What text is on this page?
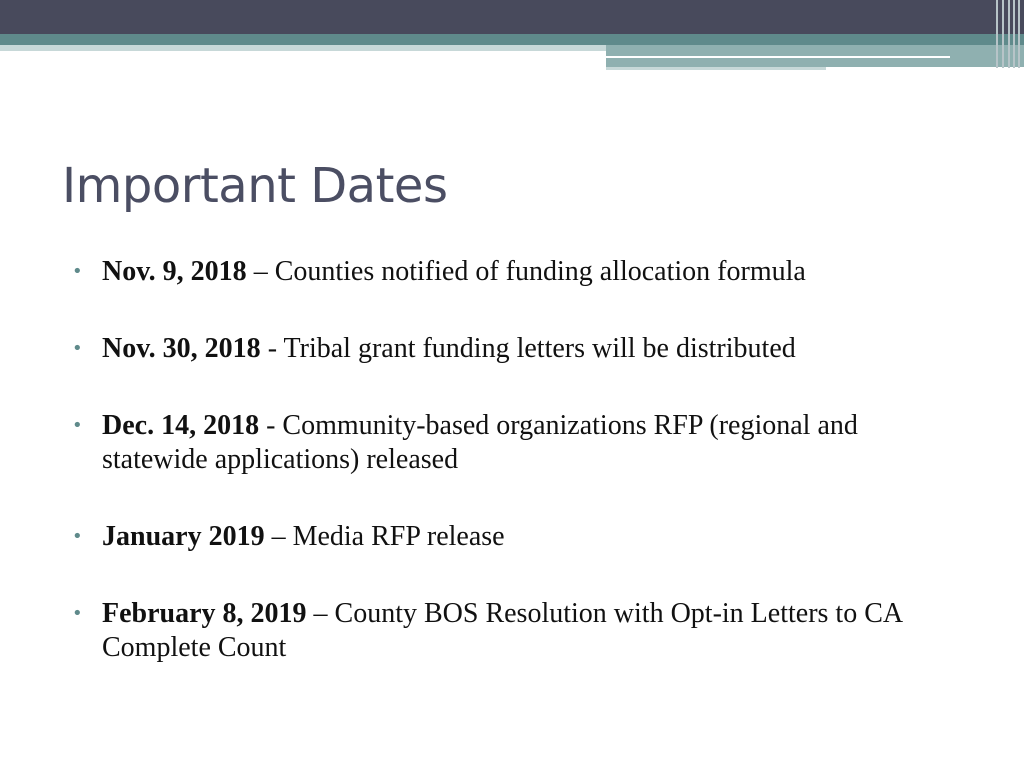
Important Dates
• Nov. 9, 2018 – Counties notified of funding allocation formula
• Nov. 30, 2018 - Tribal grant funding letters will be distributed
• Dec. 14, 2018 - Community-based organizations RFP (regional and statewide applications) released
• January 2019 – Media RFP release
• February 8, 2019 – County BOS Resolution with Opt-in Letters to CA Complete Count
